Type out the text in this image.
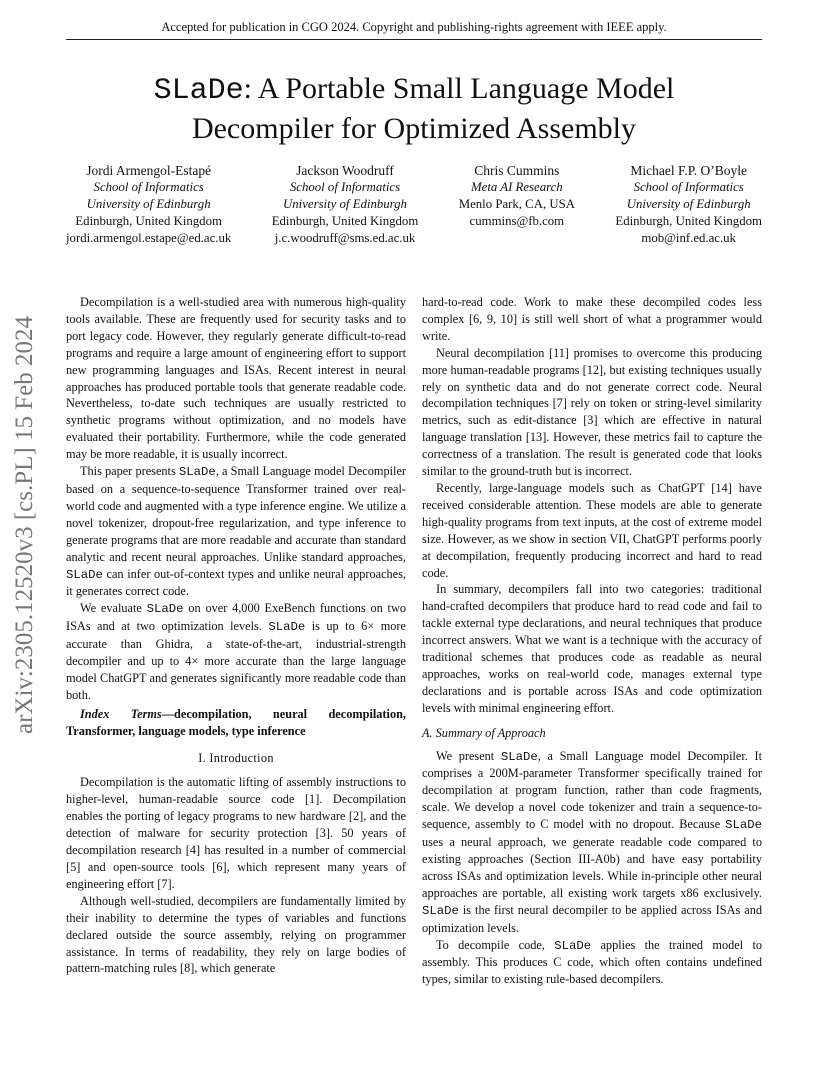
Accepted for publication in CGO 2024. Copyright and publishing-rights agreement with IEEE apply.
arXiv:2305.12520v3 [cs.PL] 15 Feb 2024
SLaDe: A Portable Small Language Model
Decompiler for Optimized Assembly
Jordi Armengol-Estapé
School of Informatics
University of Edinburgh
Edinburgh, United Kingdom
jordi.armengol.estape@ed.ac.uk
Jackson Woodruff
School of Informatics
University of Edinburgh
Edinburgh, United Kingdom
j.c.woodruff@sms.ed.ac.uk
Chris Cummins
Meta AI Research
Menlo Park, CA, USA
cummins@fb.com
Michael F.P. O’Boyle
School of Informatics
University of Edinburgh
Edinburgh, United Kingdom
mob@inf.ed.ac.uk

Decompilation is a well-studied area with numerous high-quality tools available. These are frequently used for security tasks and to port legacy code. However, they regularly generate difficult-to-read programs and require a large amount of engineering effort to support new programming languages and ISAs. Recent interest in neural approaches has produced portable tools that generate readable code. Nevertheless, to-date such techniques are usually restricted to synthetic programs without optimization, and no models have evaluated their portability. Furthermore, while the code generated may be more readable, it is usually incorrect.

This paper presents SLaDe, a Small Language model Decompiler based on a sequence-to-sequence Transformer trained over real-world code and augmented with a type inference engine. We utilize a novel tokenizer, dropout-free regularization, and type inference to generate programs that are more readable and accurate than standard analytic and recent neural approaches. Unlike standard approaches, SLaDe can infer out-of-context types and unlike neural approaches, it generates correct code.

We evaluate SLaDe on over 4,000 ExeBench functions on two ISAs and at two optimization levels. SLaDe is up to 6× more accurate than Ghidra, a state-of-the-art, industrial-strength decompiler and up to 4× more accurate than the large language model ChatGPT and generates significantly more readable code than both.

Index Terms—decompilation, neural decompilation, Transformer, language models, type inference

I. Introduction

Decompilation is the automatic lifting of assembly instructions to higher-level, human-readable source code [1]. Decompilation enables the porting of legacy programs to new hardware [2], and the detection of malware for security protection [3]. 50 years of decompilation research [4] has resulted in a number of commercial [5] and open-source tools [6], which represent many years of engineering effort [7].

Although well-studied, decompilers are fundamentally limited by their inability to determine the types of variables and functions declared outside the source assembly, relying on programmer assistance. In terms of readability, they rely on large bodies of pattern-matching rules [8], which generate

hard-to-read code. Work to make these decompiled codes less complex [6, 9, 10] is still well short of what a programmer would write.

Neural decompilation [11] promises to overcome this producing more human-readable programs [12], but existing techniques usually rely on synthetic data and do not generate correct code. Neural decompilation techniques [7] rely on token or string-level similarity metrics, such as edit-distance [3] which are effective in natural language translation [13]. However, these metrics fail to capture the correctness of a translation. The result is generated code that looks similar to the ground-truth but is incorrect.

Recently, large-language models such as ChatGPT [14] have received considerable attention. These models are able to generate high-quality programs from text inputs, at the cost of extreme model size. However, as we show in section VII, ChatGPT performs poorly at decompilation, frequently producing incorrect and hard to read code.

In summary, decompilers fall into two categories: traditional hand-crafted decompilers that produce hard to read code and fail to tackle external type declarations, and neural techniques that produce incorrect answers. What we want is a technique with the accuracy of traditional schemes that produces code as readable as neural approaches, works on real-world code, manages external type declarations and is portable across ISAs and code optimization levels with minimal engineering effort.

A. Summary of Approach

We present SLaDe, a Small Language model Decompiler. It comprises a 200M-parameter Transformer specifically trained for decompilation at program function, rather than code fragments, scale. We develop a novel code tokenizer and train a sequence-to-sequence, assembly to C model with no dropout. Because SLaDe uses a neural approach, we generate readable code compared to existing approaches (Section III-A0b) and have easy portability across ISAs and optimization levels. While in-principle other neural approaches are portable, all existing work targets x86 exclusively. SLaDe is the first neural decompiler to be applied across ISAs and optimization levels.

To decompile code, SLaDe applies the trained model to assembly. This produces C code, which often contains undefined types, similar to existing rule-based decompilers.
